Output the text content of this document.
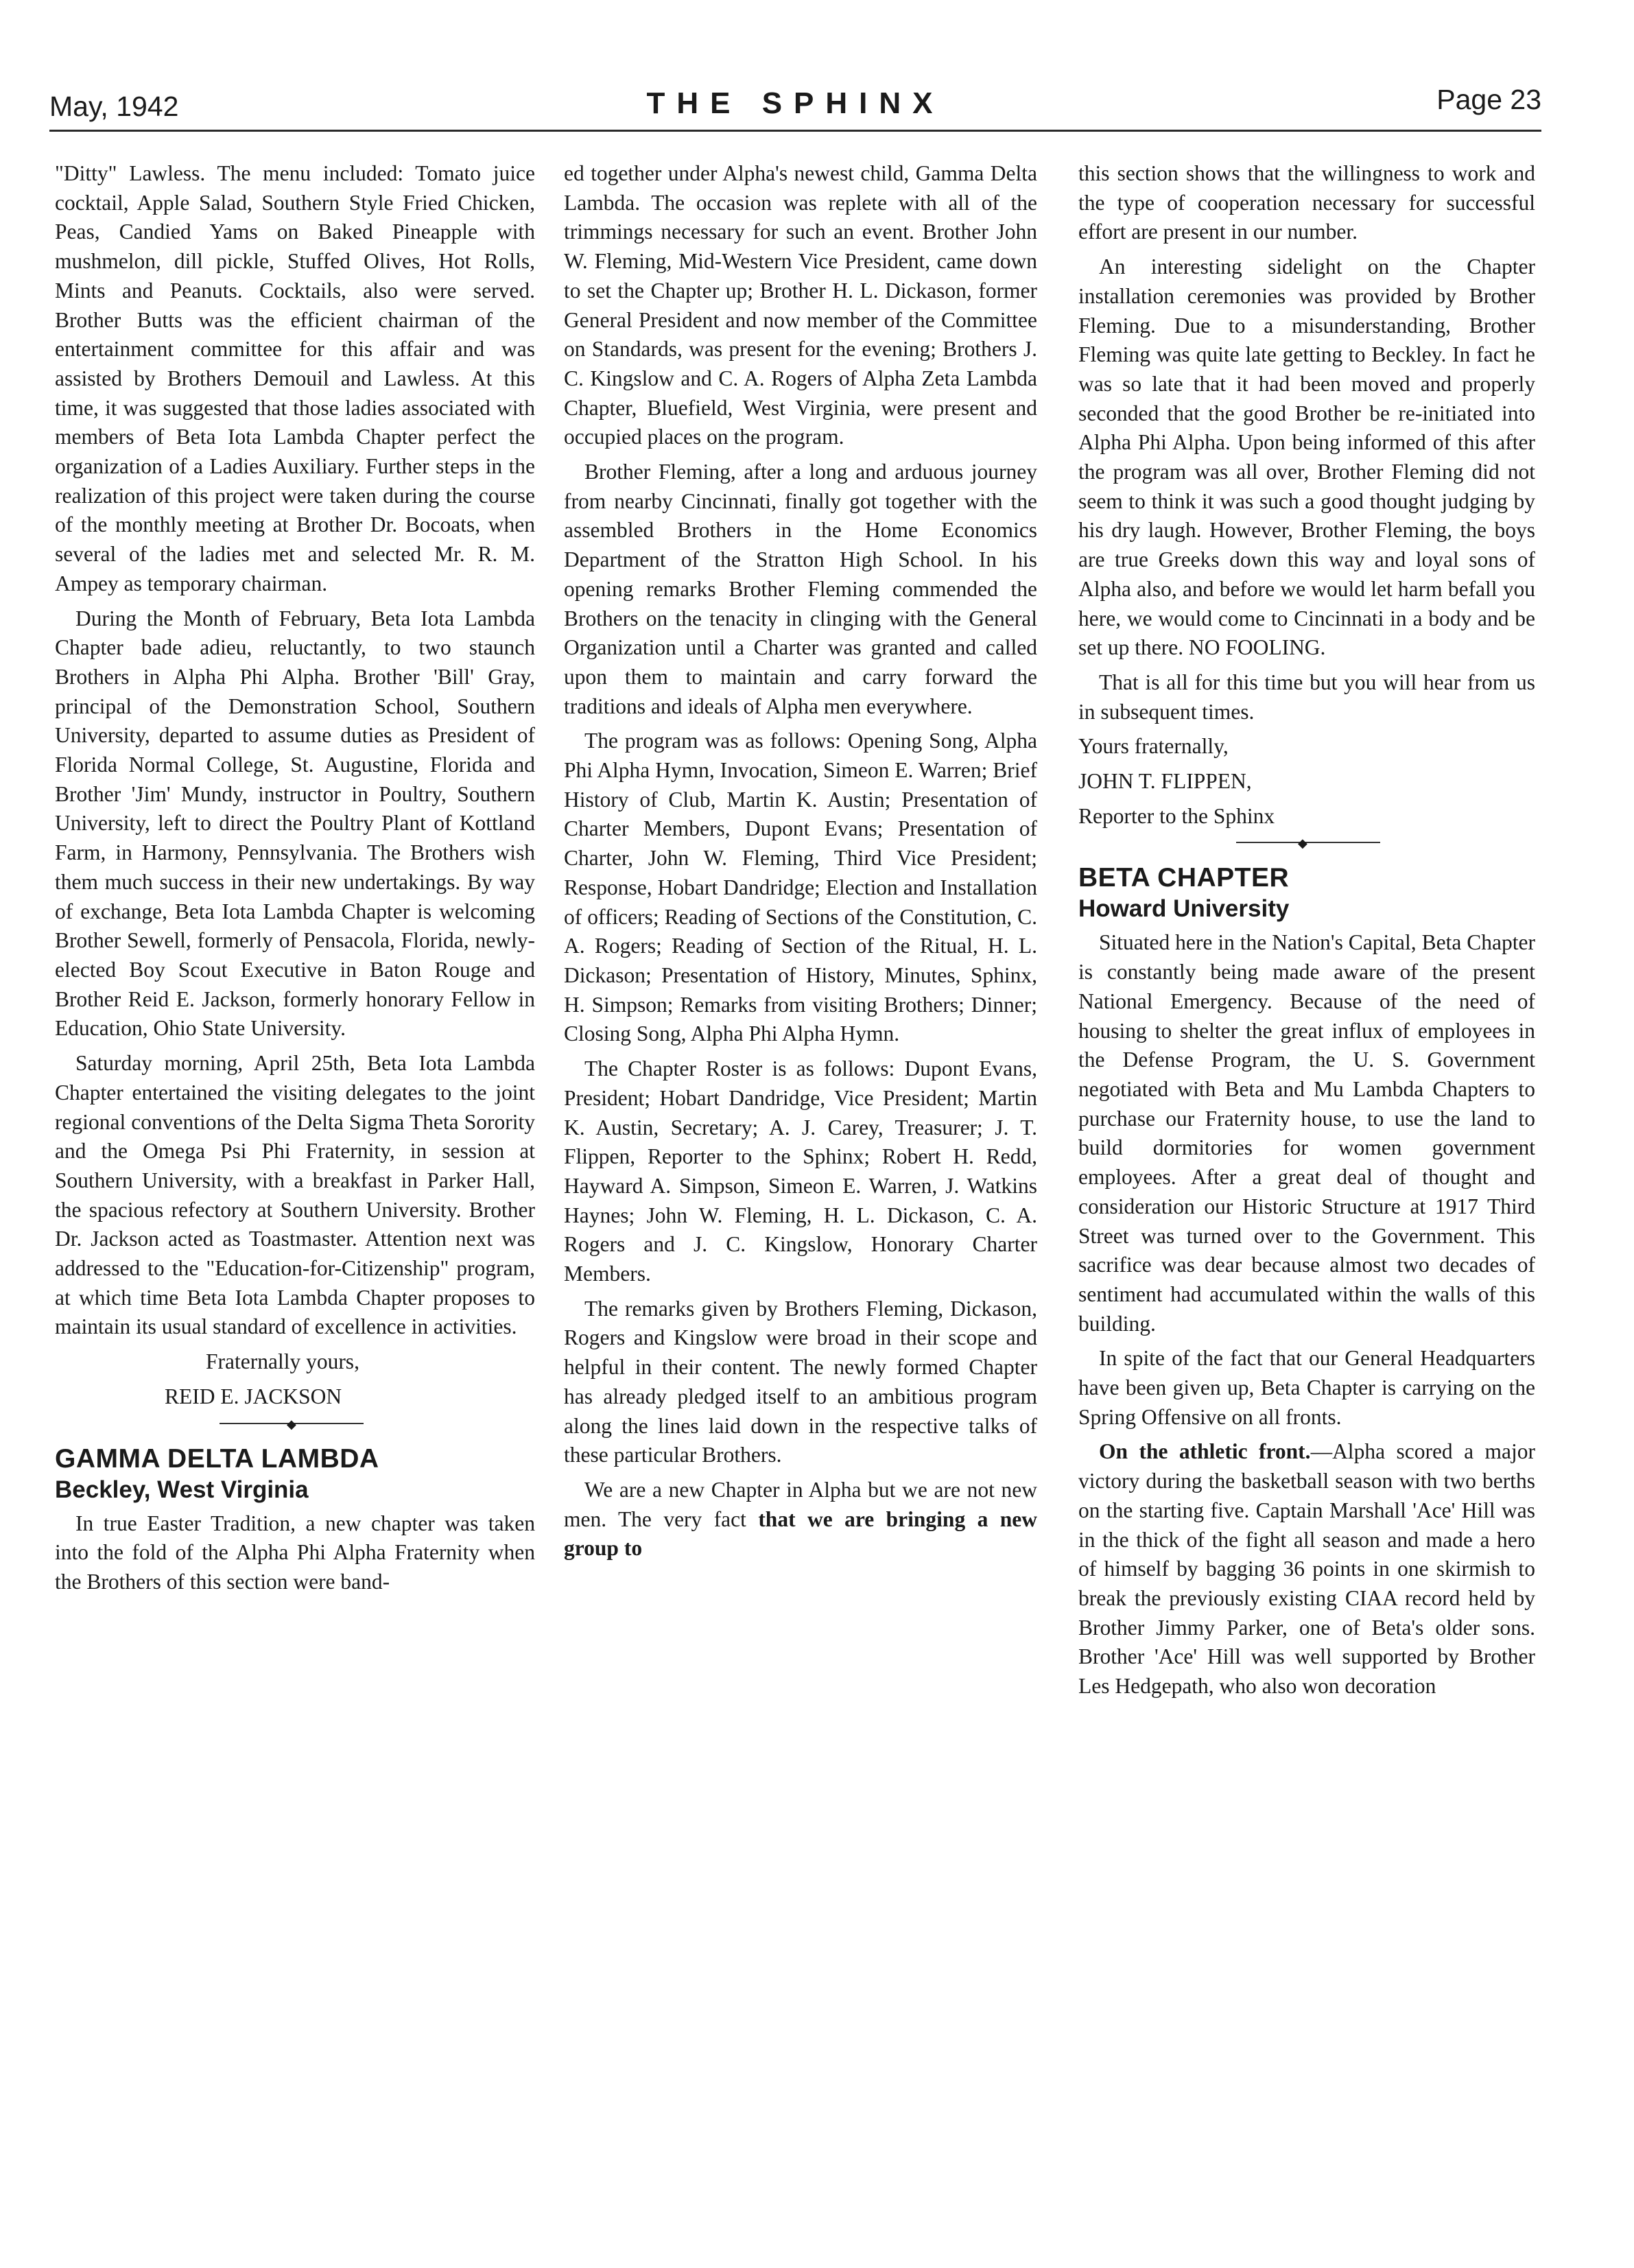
May, 1942	THE SPHINX	Page 23

"Ditty" Lawless. The menu included: Tomato juice cocktail, Apple Salad, Southern Style Fried Chicken, Peas, Candied Yams on Baked Pineapple with mushmelon, dill pickle, Stuffed Olives, Hot Rolls, Mints and Peanuts. Cocktails, also were served. Brother Butts was the efficient chairman of the entertainment committee for this affair and was assisted by Brothers Demouil and Lawless. At this time, it was suggested that those ladies associated with members of Beta Iota Lambda Chapter perfect the organization of a Ladies Auxiliary. Further steps in the realization of this project were taken during the course of the monthly meeting at Brother Dr. Bocoats, when several of the ladies met and selected Mr. R. M. Ampey as temporary chairman.

During the Month of February, Beta Iota Lambda Chapter bade adieu, reluctantly, to two staunch Brothers in Alpha Phi Alpha. Brother 'Bill' Gray, principal of the Demonstration School, Southern University, departed to assume duties as President of Florida Normal College, St. Augustine, Florida and Brother 'Jim' Mundy, instructor in Poultry, Southern University, left to direct the Poultry Plant of Kottland Farm, in Harmony, Pennsylvania. The Brothers wish them much success in their new undertakings. By way of exchange, Beta Iota Lambda Chapter is welcoming Brother Sewell, formerly of Pensacola, Florida, newly-elected Boy Scout Executive in Baton Rouge and Brother Reid E. Jackson, formerly honorary Fellow in Education, Ohio State University.

Saturday morning, April 25th, Beta Iota Lambda Chapter entertained the visiting delegates to the joint regional conventions of the Delta Sigma Theta Sorority and the Omega Psi Phi Fraternity, in session at Southern University, with a breakfast in Parker Hall, the spacious refectory at Southern University. Brother Dr. Jackson acted as Toastmaster. Attention next was addressed to the "Education-for-Citizenship" program, at which time Beta Iota Lambda Chapter proposes to maintain its usual standard of excellence in activities.

Fraternally yours,

REID E. JACKSON

◆
GAMMA DELTA LAMBDA
Beckley, West Virginia

In true Easter Tradition, a new chapter was taken into the fold of the Alpha Phi Alpha Fraternity when the Brothers of this section were band-

ed together under Alpha's newest child, Gamma Delta Lambda. The occasion was replete with all of the trimmings necessary for such an event. Brother John W. Fleming, Mid-Western Vice President, came down to set the Chapter up; Brother H. L. Dickason, former General President and now member of the Committee on Standards, was present for the evening; Brothers J. C. Kingslow and C. A. Rogers of Alpha Zeta Lambda Chapter, Bluefield, West Virginia, were present and occupied places on the program.

Brother Fleming, after a long and arduous journey from nearby Cincinnati, finally got together with the assembled Brothers in the Home Economics Department of the Stratton High School. In his opening remarks Brother Fleming commended the Brothers on the tenacity in clinging with the General Organization until a Charter was granted and called upon them to maintain and carry forward the traditions and ideals of Alpha men everywhere.

The program was as follows: Opening Song, Alpha Phi Alpha Hymn, Invocation, Simeon E. Warren; Brief History of Club, Martin K. Austin; Presentation of Charter Members, Dupont Evans; Presentation of Charter, John W. Fleming, Third Vice President; Response, Hobart Dandridge; Election and Installation of officers; Reading of Sections of the Constitution, C. A. Rogers; Reading of Section of the Ritual, H. L. Dickason; Presentation of History, Minutes, Sphinx, H. Simpson; Remarks from visiting Brothers; Dinner; Closing Song, Alpha Phi Alpha Hymn.

The Chapter Roster is as follows: Dupont Evans, President; Hobart Dandridge, Vice President; Martin K. Austin, Secretary; A. J. Carey, Treasurer; J. T. Flippen, Reporter to the Sphinx; Robert H. Redd, Hayward A. Simpson, Simeon E. Warren, J. Watkins Haynes; John W. Fleming, H. L. Dickason, C. A. Rogers and J. C. Kingslow, Honorary Charter Members.

The remarks given by Brothers Fleming, Dickason, Rogers and Kingslow were broad in their scope and helpful in their content. The newly formed Chapter has already pledged itself to an ambitious program along the lines laid down in the respective talks of these particular Brothers.

We are a new Chapter in Alpha but we are not new men. The very fact that we are bringing a new group to

this section shows that the willingness to work and the type of cooperation necessary for successful effort are present in our number.

An interesting sidelight on the Chapter installation ceremonies was provided by Brother Fleming. Due to a misunderstanding, Brother Fleming was quite late getting to Beckley. In fact he was so late that it had been moved and properly seconded that the good Brother be re-initiated into Alpha Phi Alpha. Upon being informed of this after the program was all over, Brother Fleming did not seem to think it was such a good thought judging by his dry laugh. However, Brother Fleming, the boys are true Greeks down this way and loyal sons of Alpha also, and before we would let harm befall you here, we would come to Cincinnati in a body and be set up there. NO FOOLING.

That is all for this time but you will hear from us in subsequent times.

Yours fraternally,

JOHN T. FLIPPEN,

Reporter to the Sphinx

◆
BETA CHAPTER
Howard University

Situated here in the Nation's Capital, Beta Chapter is constantly being made aware of the present National Emergency. Because of the need of housing to shelter the great influx of employees in the Defense Program, the U. S. Government negotiated with Beta and Mu Lambda Chapters to purchase our Fraternity house, to use the land to build dormitories for women government employees. After a great deal of thought and consideration our Historic Structure at 1917 Third Street was turned over to the Government. This sacrifice was dear because almost two decades of sentiment had accumulated within the walls of this building.

In spite of the fact that our General Headquarters have been given up, Beta Chapter is carrying on the Spring Offensive on all fronts.

On the athletic front.—Alpha scored a major victory during the basketball season with two berths on the starting five. Captain Marshall 'Ace' Hill was in the thick of the fight all season and made a hero of himself by bagging 36 points in one skirmish to break the previously existing CIAA record held by Brother Jimmy Parker, one of Beta's older sons. Brother 'Ace' Hill was well supported by Brother Les Hedgepath, who also won decoration
